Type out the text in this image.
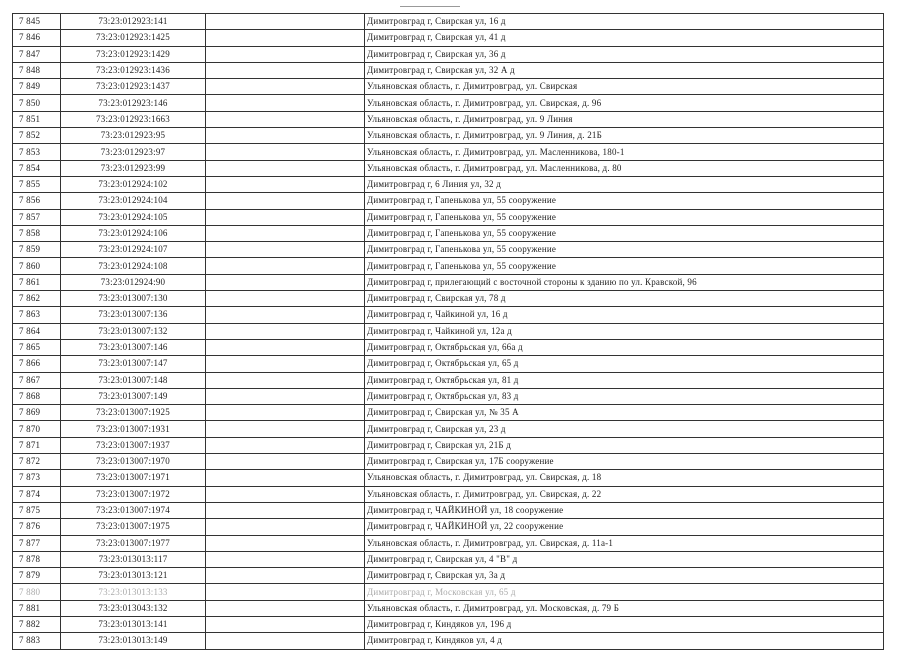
7 845	73:23:012923:141		Димитровград г, Свирская ул, 16 д
7 846	73:23:012923:1425		Димитровград г, Свирская ул, 41 д
7 847	73:23:012923:1429		Димитровград г, Свирская ул, 36 д
7 848	73:23:012923:1436		Димитровград г, Свирская ул, 32 А д
7 849	73:23:012923:1437		Ульяновская область, г. Димитровград, ул. Свирская
7 850	73:23:012923:146		Ульяновская область, г. Димитровград, ул. Свирская, д. 96
7 851	73:23:012923:1663		Ульяновская область, г. Димитровград, ул. 9 Линия
7 852	73:23:012923:95		Ульяновская область, г. Димитровград, ул. 9 Линия, д. 21Б
7 853	73:23:012923:97		Ульяновская область, г. Димитровград, ул. Масленникова, 180-1
7 854	73:23:012923:99		Ульяновская область, г. Димитровград, ул. Масленникова, д. 80
7 855	73:23:012924:102		Димитровград г, 6 Линия ул, 32 д
7 856	73:23:012924:104		Димитровград г, Гапеньковa ул, 55 сооружение
7 857	73:23:012924:105		Димитровград г, Гапеньковa ул, 55 сооружение
7 858	73:23:012924:106		Димитровград г, Гапеньковa ул, 55 сооружение
7 859	73:23:012924:107		Димитровград г, Гапеньковa ул, 55 сооружение
7 860	73:23:012924:108		Димитровград г, Гапеньковa ул, 55 сооружение
7 861	73:23:012924:90		Димитровград г, прилегающий с восточной стороны к зданию по ул. Кравской, 96
7 862	73:23:013007:130		Димитровград г, Свирская ул, 78 д
7 863	73:23:013007:136		Димитровград г, Чайкиной ул, 16 д
7 864	73:23:013007:132		Димитровград г, Чайкиной ул, 12а д
7 865	73:23:013007:146		Димитровград г, Октябрьская ул, 66а д
7 866	73:23:013007:147		Димитровград г, Октябрьская ул, 65 д
7 867	73:23:013007:148		Димитровград г, Октябрьская ул, 81 д
7 868	73:23:013007:149		Димитровград г, Октябрьская ул, 83 д
7 869	73:23:013007:1925		Димитровград г, Свирская ул, № 35 А
7 870	73:23:013007:1931		Димитровград г, Свирская ул, 23 д
7 871	73:23:013007:1937		Димитровград г, Свирская ул, 21Б д
7 872	73:23:013007:1970		Димитровград г, Свирская ул, 17Б сооружение
7 873	73:23:013007:1971		Ульяновская область, г. Димитровград, ул. Свирская, д. 18
7 874	73:23:013007:1972		Ульяновская область, г. Димитровград, ул. Свирская, д. 22
7 875	73:23:013007:1974		Димитровград г, ЧАЙКИНОЙ ул, 18 сооружение
7 876	73:23:013007:1975		Димитровград г, ЧАЙКИНОЙ ул, 22 сооружение
7 877	73:23:013007:1977		Ульяновская область, г. Димитровград, ул. Свирская, д. 11а-1
7 878	73:23:013013:117		Димитровград г, Свирская ул, 4 "В" д
7 879	73:23:013013:121		Димитровград г, Свирская ул, 3а д
7 880	73:23:013013:133		Димитровград г, Московская ул, 65 д
7 881	73:23:013043:132		Ульяновская область, г. Димитровград, ул. Московская, д. 79 Б
7 882	73:23:013013:141		Димитровград г, Киндяков ул, 196 д
7 883	73:23:013013:149		Димитровград г, Киндяков ул, 4 д
